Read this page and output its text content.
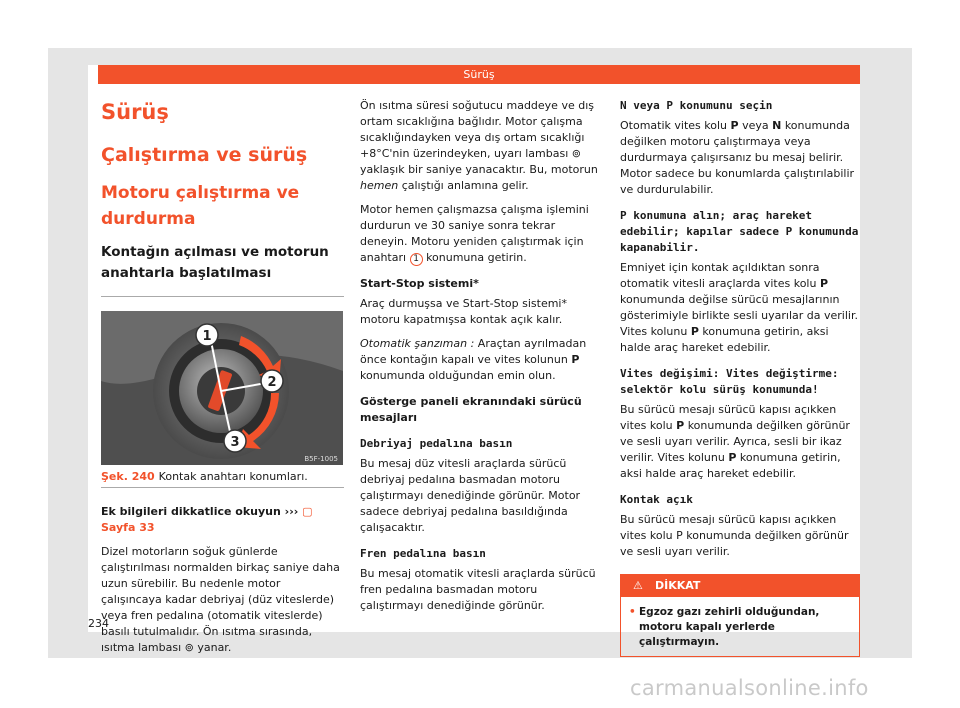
Sürüş
Sürüş
Çalıştırma ve sürüş
Motoru çalıştırma ve durdurma
Kontağın açılması ve motorun anahtarla başlatılması
1
2
3
B5F-1005
Şek. 240 Kontak anahtarı konumları.
Ek bilgileri dikkatlice okuyun ››› ▢ Sayfa 33
Dizel motorların soğuk günlerde çalıştırılması normalden birkaç saniye daha uzun sürebilir. Bu nedenle motor çalışıncaya kadar debriyaj (düz viteslerde) veya fren pedalına (otomatik viteslerde) basılı tutulmalıdır. Ön ısıtma sırasında, ısıtma lambası ⊚ yanar.
Ön ısıtma süresi soğutucu maddeye ve dış ortam sıcaklığına bağlıdır. Motor çalışma sıcaklığındayken veya dış ortam sıcaklığı +8°C'nin üzerindeyken, uyarı lambası ⊚ yaklaşık bir saniye yanacaktır. Bu, motorun hemen çalıştığı anlamına gelir.
Motor hemen çalışmazsa çalışma işlemini durdurun ve 30 saniye sonra tekrar deneyin. Motoru yeniden çalıştırmak için anahtarı 1 konumuna getirin.
Start-Stop sistemi*
Araç durmuşsa ve Start-Stop sistemi* motoru kapatmışsa kontak açık kalır.
Otomatik şanzıman : Araçtan ayrılmadan önce kontağın kapalı ve vites kolunun P konumunda olduğundan emin olun.
Gösterge paneli ekranındaki sürücü mesajları
Debriyaj pedalına basın
Bu mesaj düz vitesli araçlarda sürücü debriyaj pedalına basmadan motoru çalıştırmayı denediğinde görünür. Motor sadece debriyaj pedalına basıldığında çalışacaktır.
Fren pedalına basın
Bu mesaj otomatik vitesli araçlarda sürücü fren pedalına basmadan motoru çalıştırmayı denediğinde görünür.
N veya P konumunu seçin
Otomatik vites kolu P veya N konumunda değilken motoru çalıştırmaya veya durdurmaya çalışırsanız bu mesaj belirir. Motor sadece bu konumlarda çalıştırılabilir ve durdurulabilir.
P konumuna alın; araç hareket edebilir; kapılar sadece P konumunda kapanabilir.
Emniyet için kontak açıldıktan sonra otomatik vitesli araçlarda vites kolu P konumunda değilse sürücü mesajlarının gösterimiyle birlikte sesli uyarılar da verilir. Vites kolunu P konumuna getirin, aksi halde araç hareket edebilir.
Vites değişimi: Vites değiştirme: selektör kolu sürüş konumunda!
Bu sürücü mesajı sürücü kapısı açıkken vites kolu P konumunda değilken görünür ve sesli uyarı verilir. Ayrıca, sesli bir ikaz verilir. Vites kolunu P konumuna getirin, aksi halde araç hareket edebilir.
Kontak açık
Bu sürücü mesajı sürücü kapısı açıkken vites kolu P konumunda değilken görünür ve sesli uyarı verilir.
⚠ DİKKAT
• Egzoz gazı zehirli olduğundan, motoru kapalı yerlerde çalıştırmayın.
234
carmanualsonline.info
